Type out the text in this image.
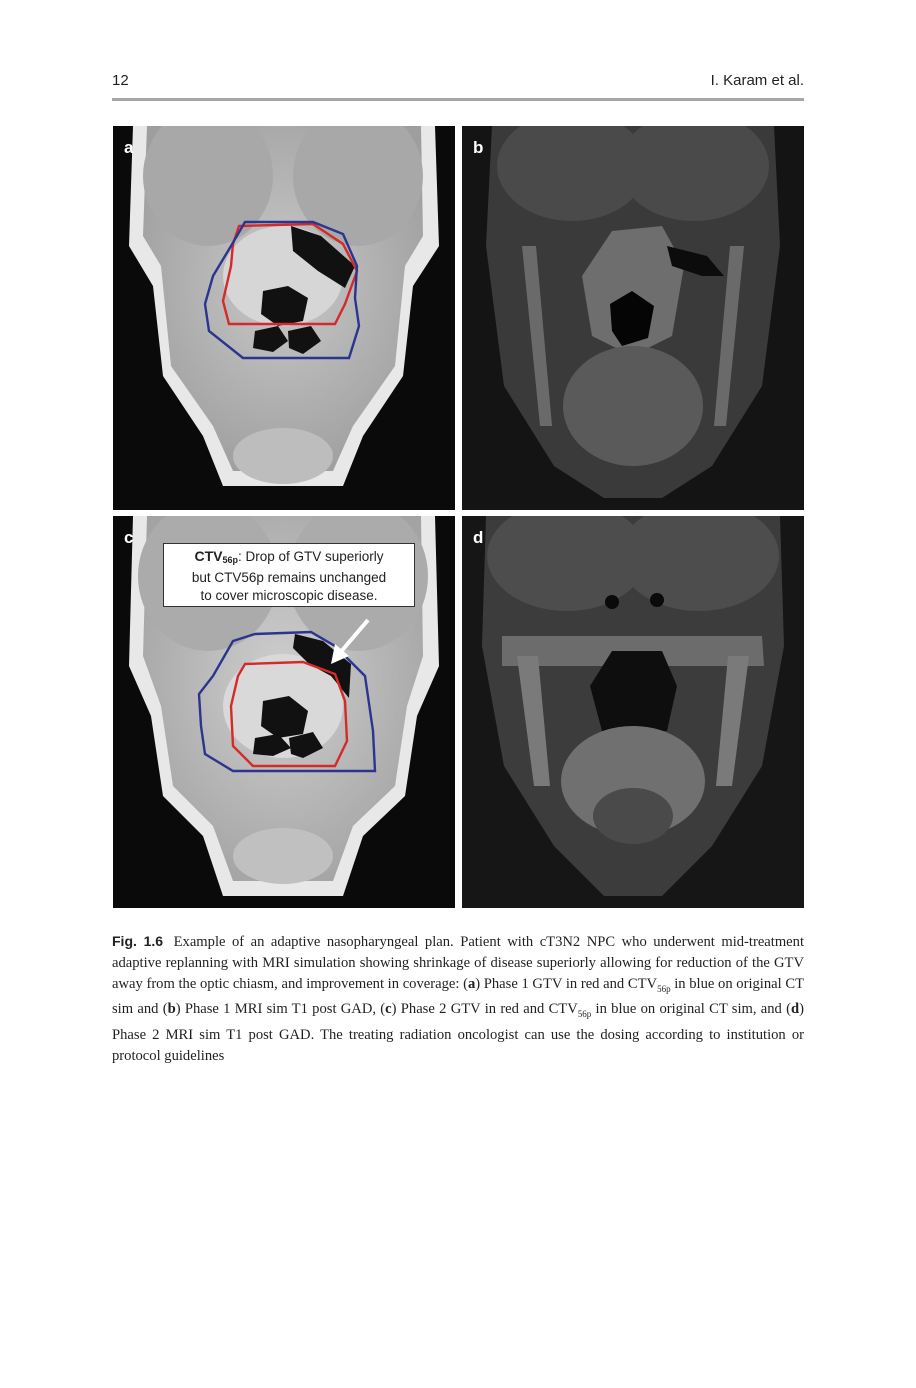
12	I. Karam et al.
a	b
c
$CTV_{56p}$: Drop of GTV superiorly
but CTV56p remains unchanged
to cover microscopic disease.
d
Fig. 1.6 Example of an adaptive nasopharyngeal plan. Patient with cT3N2 NPC who underwent mid-treatment adaptive replanning with MRI simulation showing shrinkage of disease superiorly allowing for reduction of the GTV away from the optic chiasm, and improvement in coverage: (a) Phase 1 GTV in red and $CTV_{56p}$ in blue on original CT sim and (b) Phase 1 MRI sim T1 post GAD, (c) Phase 2 GTV in red and $CTV_{56p}$ in blue on original CT sim, and (d) Phase 2 MRI sim T1 post GAD. The treating radiation oncologist can use the dosing according to institution or protocol guidelines
